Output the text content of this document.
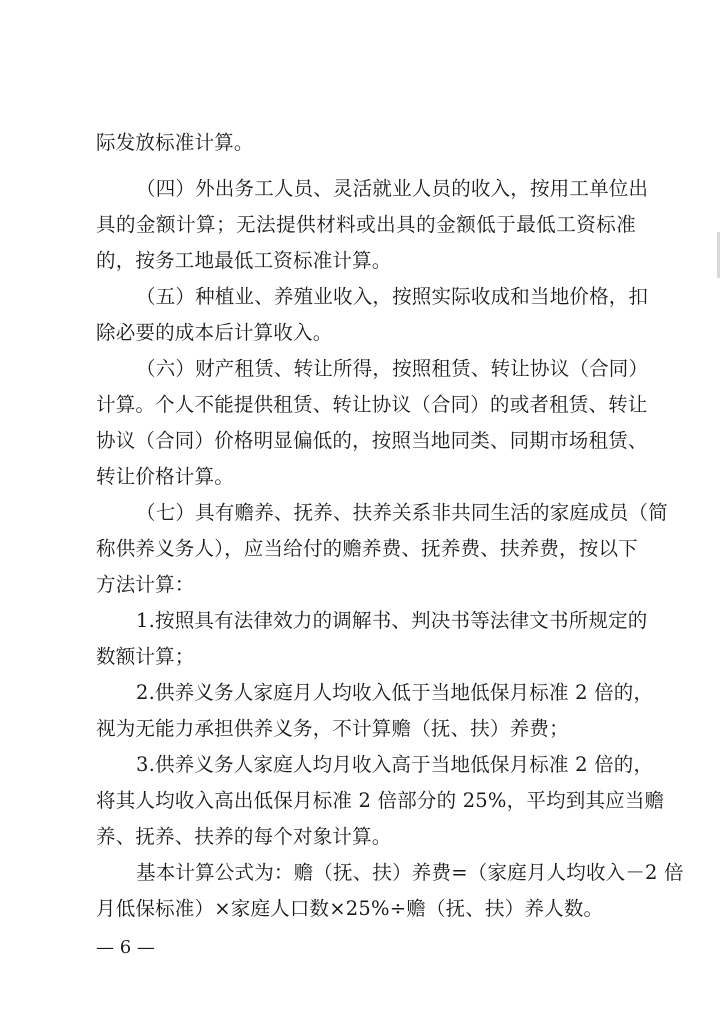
际发放标准计算。
（四）外出务工人员、灵活就业人员的收入，按用工单位出
具的金额计算；无法提供材料或出具的金额低于最低工资标准
的，按务工地最低工资标准计算。
（五）种植业、养殖业收入，按照实际收成和当地价格，扣
除必要的成本后计算收入。
（六）财产租赁、转让所得，按照租赁、转让协议（合同）
计算。个人不能提供租赁、转让协议（合同）的或者租赁、转让
协议（合同）价格明显偏低的，按照当地同类、同期市场租赁、
转让价格计算。
（七）具有赡养、抚养、扶养关系非共同生活的家庭成员（简
称供养义务人），应当给付的赡养费、抚养费、扶养费，按以下
方法计算：
1.按照具有法律效力的调解书、判决书等法律文书所规定的
数额计算；
2.供养义务人家庭月人均收入低于当地低保月标准 2 倍的，
视为无能力承担供养义务，不计算赡（抚、扶）养费；
3.供养义务人家庭人均月收入高于当地低保月标准 2 倍的，
将其人均收入高出低保月标准 2 倍部分的 25%，平均到其应当赡
养、抚养、扶养的每个对象计算。
基本计算公式为：赡（抚、扶）养费=（家庭月人均收入－2 倍
月低保标准）×家庭人口数×25%÷赡（抚、扶）养人数。
— 6 —
